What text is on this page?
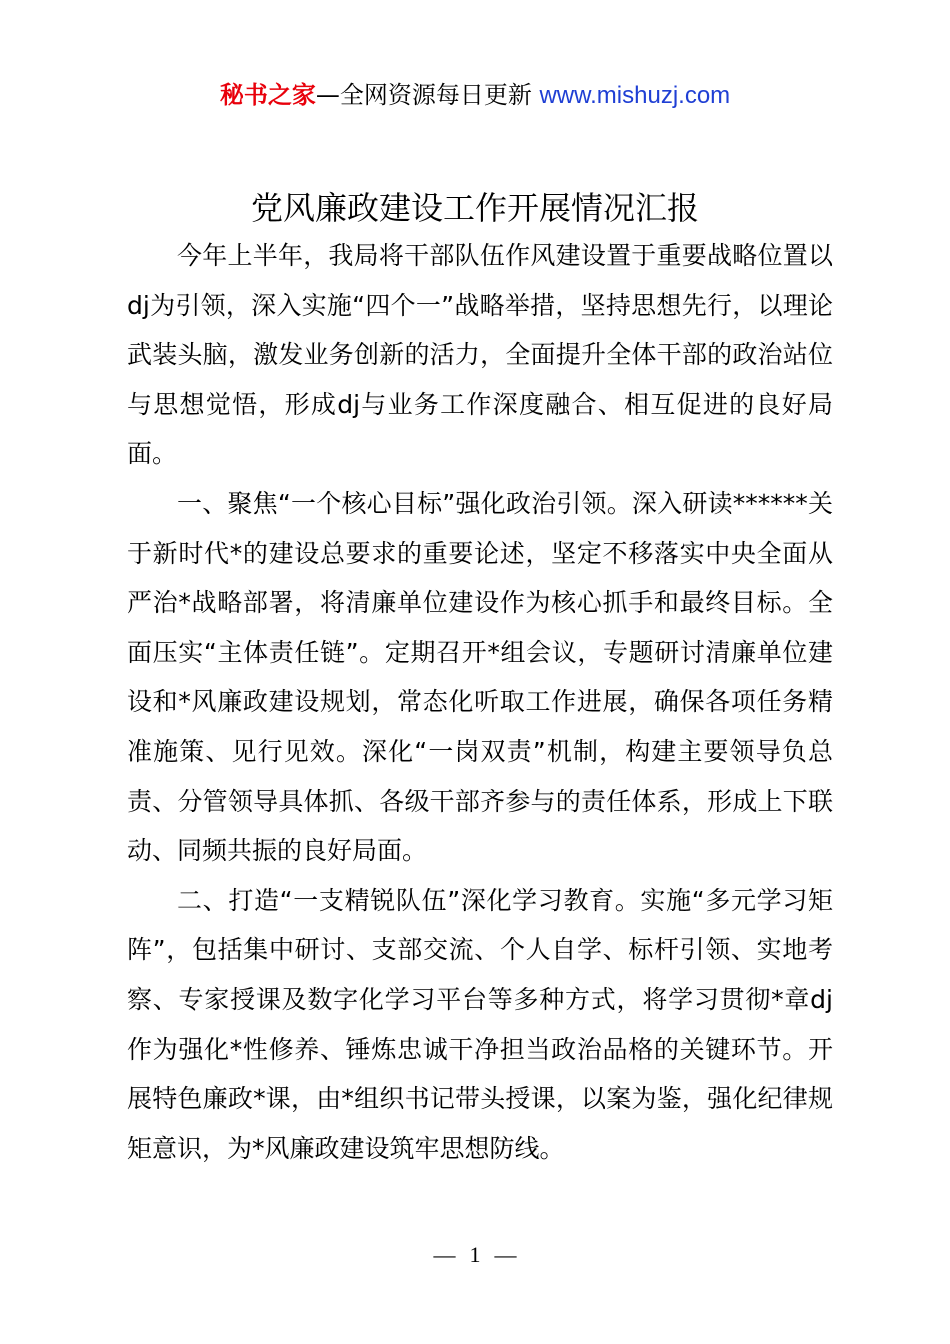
秘书之家—全网资源每日更新 www.mishuzj.com
党风廉政建设工作开展情况汇报

今年上半年，我局将干部队伍作风建设置于重要战略位置以dj为引领，深入实施“四个一”战略举措，坚持思想先行，以理论武装头脑，激发业务创新的活力，全面提升全体干部的政治站位与思想觉悟，形成dj与业务工作深度融合、相互促进的良好局面。

一、聚焦“一个核心目标”强化政治引领。深入研读******关于新时代*的建设总要求的重要论述，坚定不移落实中央全面从严治*战略部署，将清廉单位建设作为核心抓手和最终目标。全面压实“主体责任链”。定期召开*组会议，专题研讨清廉单位建设和*风廉政建设规划，常态化听取工作进展，确保各项任务精准施策、见行见效。深化“一岗双责”机制，构建主要领导负总责、分管领导具体抓、各级干部齐参与的责任体系，形成上下联动、同频共振的良好局面。

二、打造“一支精锐队伍”深化学习教育。实施“多元学习矩阵”，包括集中研讨、支部交流、个人自学、标杆引领、实地考察、专家授课及数字化学习平台等多种方式，将学习贯彻*章dj作为强化*性修养、锤炼忠诚干净担当政治品格的关键环节。开展特色廉政*课，由*组织书记带头授课，以案为鉴，强化纪律规矩意识，为*风廉政建设筑牢思想防线。

— 1 —
